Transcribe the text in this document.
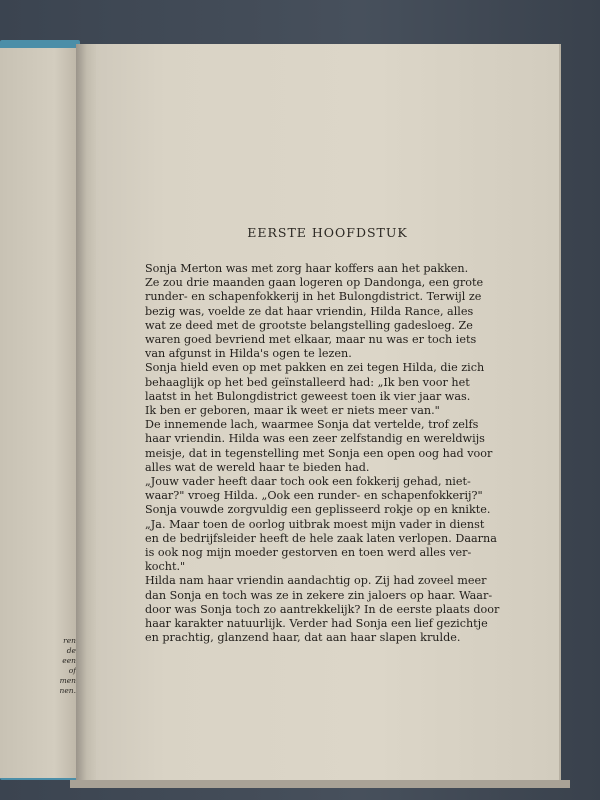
ren
de
een
of
men
nen.
EERSTE HOOFDSTUK
Sonja Merton was met zorg haar koffers aan het pakken.
Ze zou drie maanden gaan logeren op Dandonga, een grote
runder- en schapenfokkerij in het Bulongdistrict. Terwijl ze
bezig was, voelde ze dat haar vriendin, Hilda Rance, alles
wat ze deed met de grootste belangstelling gadesloeg. Ze
waren goed bevriend met elkaar, maar nu was er toch iets
van afgunst in Hilda's ogen te lezen.
Sonja hield even op met pakken en zei tegen Hilda, die zich
behaaglijk op het bed geïnstalleerd had: „Ik ben voor het
laatst in het Bulongdistrict geweest toen ik vier jaar was.
Ik ben er geboren, maar ik weet er niets meer van."
De innemende lach, waarmee Sonja dat vertelde, trof zelfs
haar vriendin. Hilda was een zeer zelfstandig en wereldwijs
meisje, dat in tegenstelling met Sonja een open oog had voor
alles wat de wereld haar te bieden had.
„Jouw vader heeft daar toch ook een fokkerij gehad, niet-
waar?" vroeg Hilda. „Ook een runder- en schapenfokkerij?"
Sonja vouwde zorgvuldig een geplisseerd rokje op en knikte.
„Ja. Maar toen de oorlog uitbrak moest mijn vader in dienst
en de bedrijfsleider heeft de hele zaak laten verlopen. Daarna
is ook nog mijn moeder gestorven en toen werd alles ver-
kocht."
Hilda nam haar vriendin aandachtig op. Zij had zoveel meer
dan Sonja en toch was ze in zekere zin jaloers op haar. Waar-
door was Sonja toch zo aantrekkelijk? In de eerste plaats door
haar karakter natuurlijk. Verder had Sonja een lief gezichtje
en prachtig, glanzend haar, dat aan haar slapen krulde.
